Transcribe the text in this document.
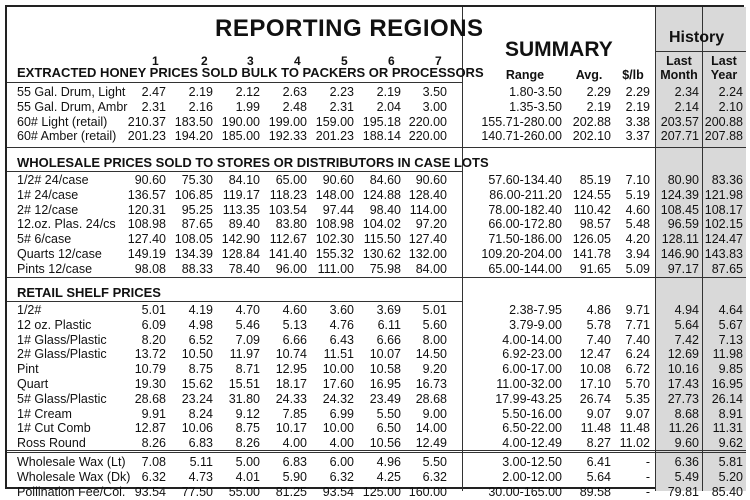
REPORTING REGIONS
SUMMARY
History
1	2	3	4	5	6	7
Range	Avg.	$/lb
Last
Month
Last
Year
55 Gal. Drum, Light 2.47 2.19 2.12 2.63 2.23 2.19 3.50	1.80-3.50 2.29 2.29 2.34 2.24
55 Gal. Drum, Ambr 2.31 2.16 1.99 2.48 2.31 2.04 3.00	1.35-3.50 2.19 2.19 2.14 2.10
60# Light (retail) 210.37 183.50 190.00 199.00 159.00 195.18 220.00	155.71-280.00 202.88 3.38 203.57 200.88
60# Amber (retail) 201.23 194.20 185.00 192.33 201.23 188.14 220.00	140.71-260.00 202.10 3.37 207.71 207.88
1/2# 24/case	90.60 75.30 84.10 65.00 90.60 84.60 90.60	57.60-134.40 85.19 7.10 80.90 83.36
1# 24/case	136.57 106.85 119.17 118.23 148.00 124.88 128.40	86.00-211.20 124.55 5.19 124.39 121.98
2# 12/case	120.31 95.25 113.35 103.54 97.44 98.40 114.00	78.00-182.40 110.42 4.60 108.45 108.17
12.oz. Plas. 24/cs 108.98 87.65 89.40 83.80 108.98 104.02 97.20	66.00-172.80 98.57 5.48 96.59 102.15
5# 6/case	127.40 108.05 142.90 112.67 102.30 115.50 127.40	71.50-186.00 126.05 4.20 128.11 124.47
Quarts 12/case 149.19 134.39 128.84 141.40 155.32 130.62 132.00	109.20-204.00 141.78 3.94 146.90 143.83
Pints 12/case	98.08 88.33 78.40 96.00 111.00 75.98 84.00	65.00-144.00 91.65 5.09 97.17 87.65
1/2#	5.01 4.19 4.70 4.60 3.60 3.69 5.01	2.38-7.95 4.86 9.71 4.94 4.64
12 oz. Plastic	6.09 4.98 5.46 5.13 4.76 6.11 5.60	3.79-9.00 5.78 7.71 5.64 5.67
1# Glass/Plastic	8.20 6.52 7.09 6.66 6.43 6.66 8.00	4.00-14.00 7.40 7.40 7.42 7.13
2# Glass/Plastic 13.72 10.50 11.97 10.74 11.51 10.07 14.50	6.92-23.00 12.47 6.24 12.69 11.98
Pint	10.79 8.75 8.71 12.95 10.00 10.58 9.20	6.00-17.00 10.08 6.72 10.16 9.85
Quart	19.30 15.62 15.51 18.17 17.60 16.95 16.73	11.00-32.00 17.10 5.70 17.43 16.95
5# Glass/Plastic 28.68 23.24 31.80 24.33 24.32 23.49 28.68	17.99-43.25 26.74 5.35 27.73 26.14
1# Cream	9.91 8.24 9.12 7.85 6.99 5.50 9.00	5.50-16.00 9.07 9.07 8.68 8.91
1# Cut Comb	12.87 10.06 8.75 10.17 10.00 6.50 14.00	6.50-22.00 11.48 11.48 11.26 11.31
Ross Round	8.26 6.83 8.26 4.00 4.00 10.56 12.49	4.00-12.49 8.27 11.02 9.60 9.62
Wholesale Wax (Lt) 7.08 5.11 5.00 6.83 6.00 4.96 5.50	3.00-12.50 6.41	- 6.36 5.81
Wholesale Wax (Dk) 6.32 4.73 4.01 5.90 6.32 4.25 6.32	2.00-12.00 5.64	- 5.49 5.20
Pollination Fee/Col. 93.54 77.50 55.00 81.25 93.54 125.00 160.00	30.00-165.00 89.58	- 79.81 85.40
EXTRACTED HONEY PRICES SOLD BULK TO PACKERS OR PROCESSORS
WHOLESALE PRICES SOLD TO STORES OR DISTRIBUTORS IN CASE LOTS
RETAIL SHELF PRICES
